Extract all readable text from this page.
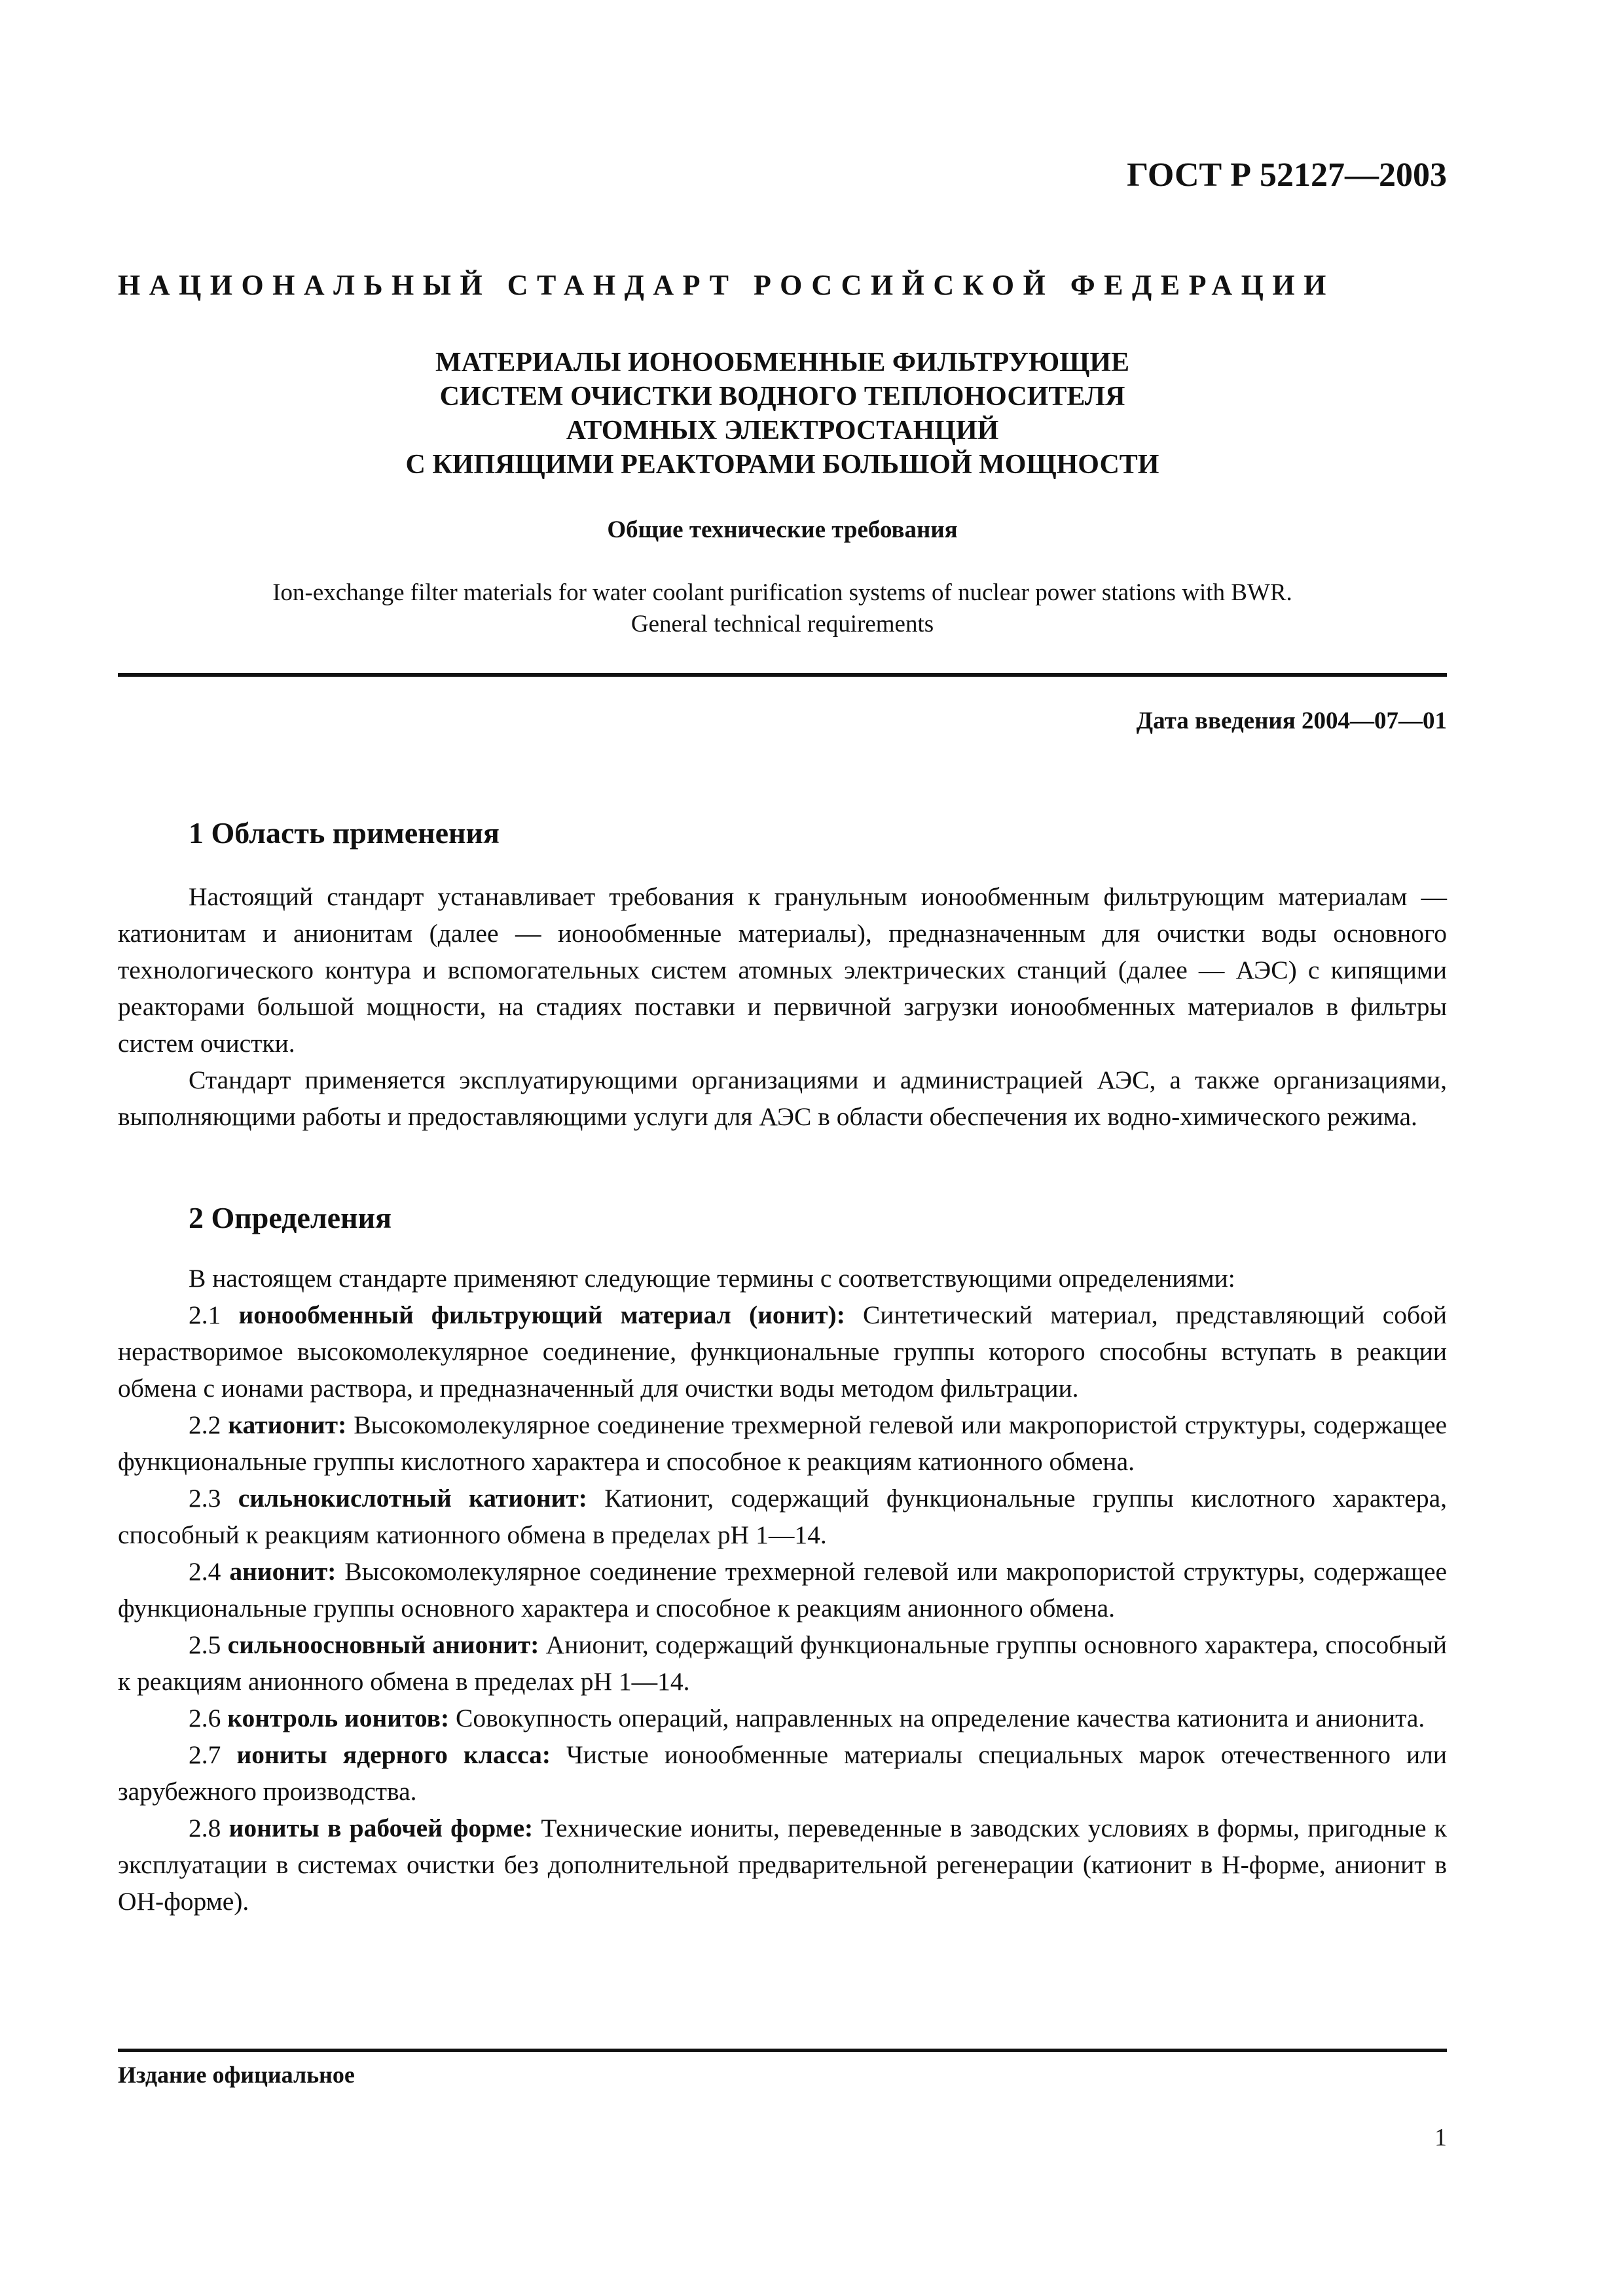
ГОСТ Р 52127—2003
НАЦИОНАЛЬНЫЙ СТАНДАРТ РОССИЙСКОЙ ФЕДЕРАЦИИ
МАТЕРИАЛЫ ИОНООБМЕННЫЕ ФИЛЬТРУЮЩИЕ
СИСТЕМ ОЧИСТКИ ВОДНОГО ТЕПЛОНОСИТЕЛЯ
АТОМНЫХ ЭЛЕКТРОСТАНЦИЙ
С КИПЯЩИМИ РЕАКТОРАМИ БОЛЬШОЙ МОЩНОСТИ
Общие технические требования
Ion-exchange filter materials for water coolant purification systems of nuclear power stations with BWR.
General technical requirements
Дата введения 2004—07—01
1 Область применения

Настоящий стандарт устанавливает требования к гранульным ионообменным фильтрующим материалам — катионитам и анионитам (далее — ионообменные материалы), предназначенным для очистки воды основного технологического контура и вспомогательных систем атомных электрических станций (далее — АЭС) с кипящими реакторами большой мощности, на стадиях поставки и первичной загрузки ионообменных материалов в фильтры систем очистки.

Стандарт применяется эксплуатирующими организациями и администрацией АЭС, а также организациями, выполняющими работы и предоставляющими услуги для АЭС в области обеспечения их водно-химического режима.

2 Определения

В настоящем стандарте применяют следующие термины с соответствующими определениями:

2.1 ионообменный фильтрующий материал (ионит): Синтетический материал, представляющий собой нерастворимое высокомолекулярное соединение, функциональные группы которого способны вступать в реакции обмена с ионами раствора, и предназначенный для очистки воды методом фильтрации.

2.2 катионит: Высокомолекулярное соединение трехмерной гелевой или макропористой структуры, содержащее функциональные группы кислотного характера и способное к реакциям катионного обмена.

2.3 сильнокислотный катионит: Катионит, содержащий функциональные группы кислотного характера, способный к реакциям катионного обмена в пределах pH 1—14.

2.4 анионит: Высокомолекулярное соединение трехмерной гелевой или макропористой структуры, содержащее функциональные группы основного характера и способное к реакциям анионного обмена.

2.5 сильноосновный анионит: Анионит, содержащий функциональные группы основного характера, способный к реакциям анионного обмена в пределах pH 1—14.

2.6 контроль ионитов: Совокупность операций, направленных на определение качества катионита и анионита.

2.7 иониты ядерного класса: Чистые ионообменные материалы специальных марок отечественного или зарубежного производства.

2.8 иониты в рабочей форме: Технические иониты, переведенные в заводских условиях в формы, пригодные к эксплуатации в системах очистки без дополнительной предварительной регенерации (катионит в Н-форме, анионит в ОН-форме).

Издание официальное
1
